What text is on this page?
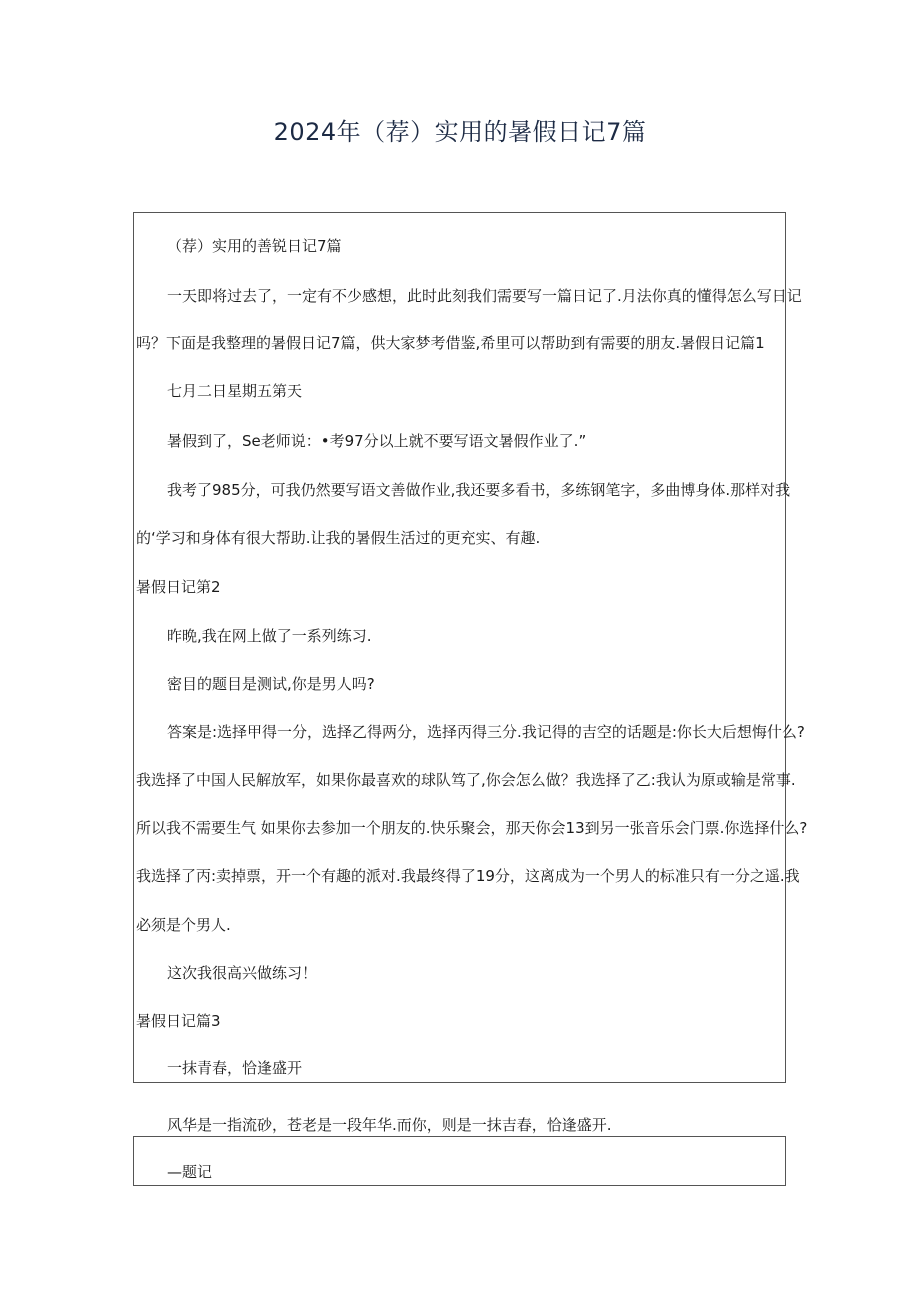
2024年（荐）实用的暑假日记7篇

（荐）实用的善锐日记7篇

一天即将过去了，一定有不少感想，此时此刻我们需要写一篇日记了.月法你真的懂得怎么写日记

吗？下面是我整理的暑假日记7篇，供大家梦考借鉴,希里可以帮助到有需要的朋友.暑假日记篇1

七月二日星期五第天

暑假到了，Se老师说：•考97分以上就不要写语文暑假作业了.”

我考了985分，可我仍然要写语文善做作业,我还要多看书，多练钢笔字，多曲博身体.那样对我

的‘学习和身体有很大帮助.让我的暑假生活过的更充实、有趣.

暑假日记第2

昨晩,我在网上做了一系列练习.

密目的题目是测试,你是男人吗?

答案是:选择甲得一分，选择乙得两分，选择丙得三分.我记得的吉空的话题是:你长大后想悔什么?

我选择了中国人民解放军，如果你最喜欢的球队笃了,你会怎么做？我选择了乙:我认为原或输是常事.

所以我不需要生气 如果你去参加一个朋友的.快乐聚会，那天你会13到另一张音乐会门票.你选择什么?

我选择了丙:卖掉票，开一个有趣的派对.我最终得了19分，这离成为一个男人的标准只有一分之遥.我

必须是个男人.

这次我很高兴做练习！

暑假日记篇3

一抹青春，恰逢盛开

风华是一指流砂，苍老是一段年华.而你，则是一抹吉春，恰逢盛开.

—题记
